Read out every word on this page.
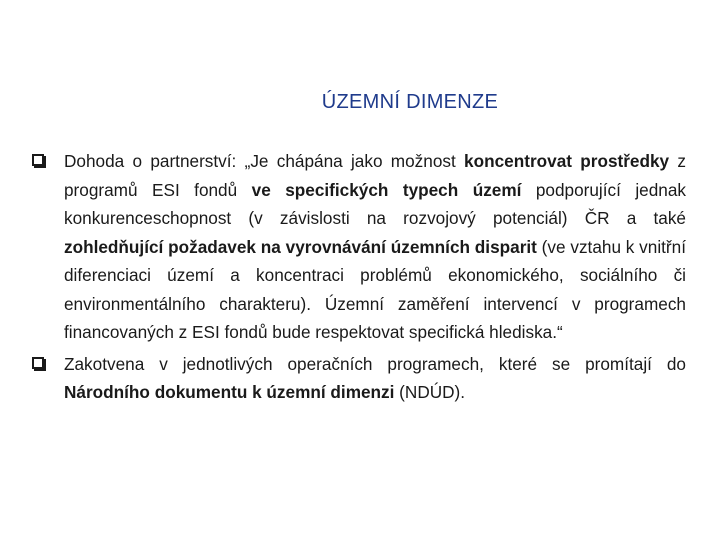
ÚZEMNÍ DIMENZE
Dohoda o partnerství: „Je chápána jako možnost koncentrovat prostředky z programů ESI fondů ve specifických typech území podporující jednak konkurenceschopnost (v závislosti na rozvojový potenciál) ČR a také zohledňující požadavek na vyrovnávání územních disparit (ve vztahu k vnitřní diferenciaci území a koncentraci problémů ekonomického, sociálního či environmentálního charakteru). Územní zaměření intervencí v programech financovaných z ESI fondů bude respektovat specifická hlediska.“
Zakotvena v jednotlivých operačních programech, které se promítají do Národního dokumentu k územní dimenzi (NDÚD).
